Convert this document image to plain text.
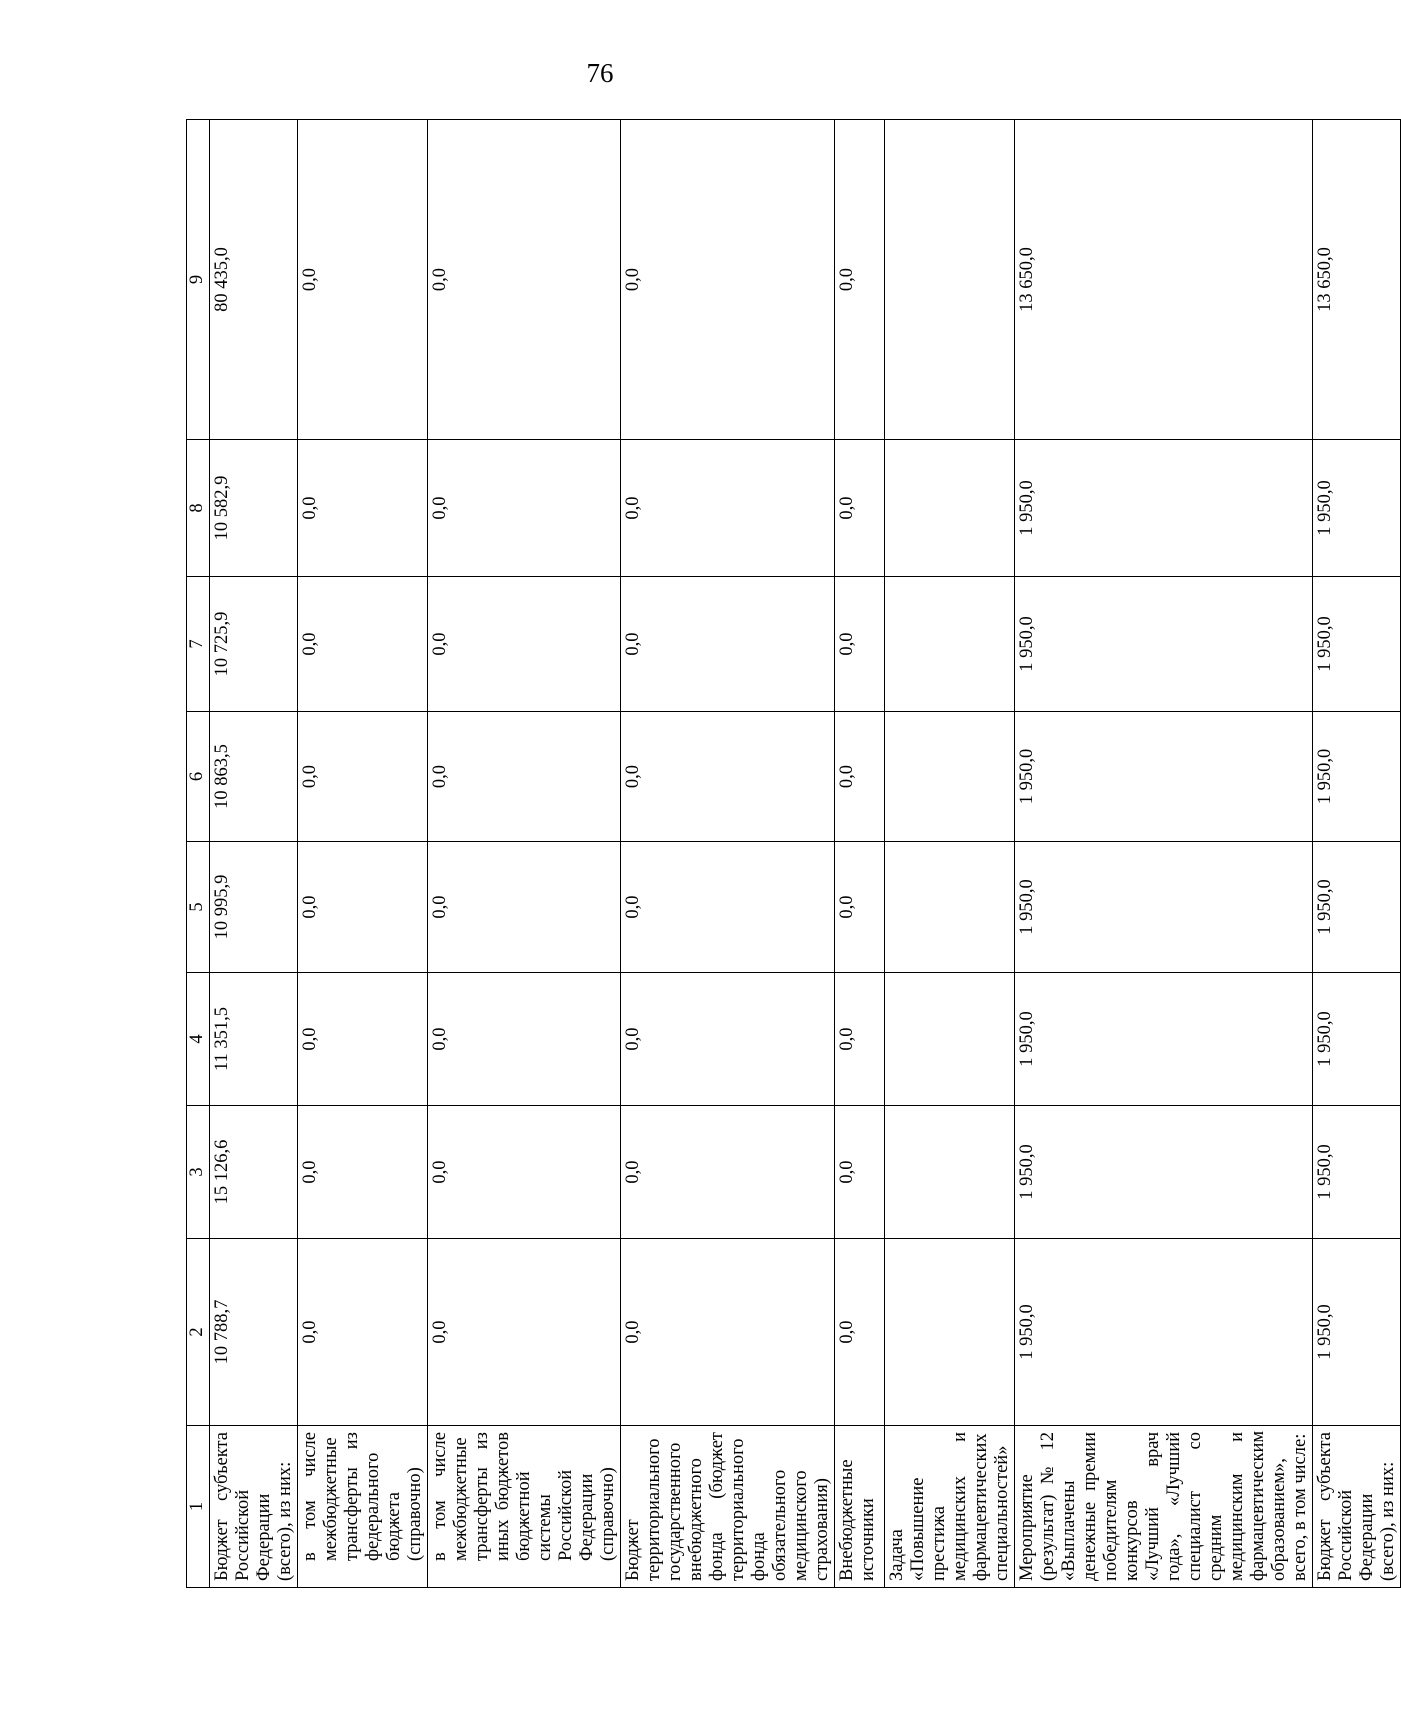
76
1	2	3	4	5	6	7	8	9
Бюджет субъекта Российской Федерации (всего), из них:	10 788,7	15 126,6	11 351,5	10 995,9	10 863,5	10 725,9	10 582,9	80 435,0
в том числе межбюджетные трансферты из федерального бюджета (справочно)	0,0	0,0	0,0	0,0	0,0	0,0	0,0	0,0
в том числе межбюджетные трансферты из иных бюджетов бюджетной системы Российской Федерации (справочно)	0,0	0,0	0,0	0,0	0,0	0,0	0,0	0,0
Бюджет территориального государственного внебюджетного фонда (бюджет территориального фонда обязательного медицинского страхования)	0,0	0,0	0,0	0,0	0,0	0,0	0,0	0,0
Внебюджетные источники	0,0	0,0	0,0	0,0	0,0	0,0	0,0	0,0
Задача «Повышение престижа медицинских и фармацевтических специальностей»								
Мероприятие (результат) № 12 «Выплачены денежные премии победителям конкурсов «Лучший врач года», «Лучший специалист со средним медицинским и фармацевтическим образованием», всего, в том числе:	1 950,0	1 950,0	1 950,0	1 950,0	1 950,0	1 950,0	1 950,0	13 650,0
Бюджет субъекта Российской Федерации (всего), из них:	1 950,0	1 950,0	1 950,0	1 950,0	1 950,0	1 950,0	1 950,0	13 650,0
